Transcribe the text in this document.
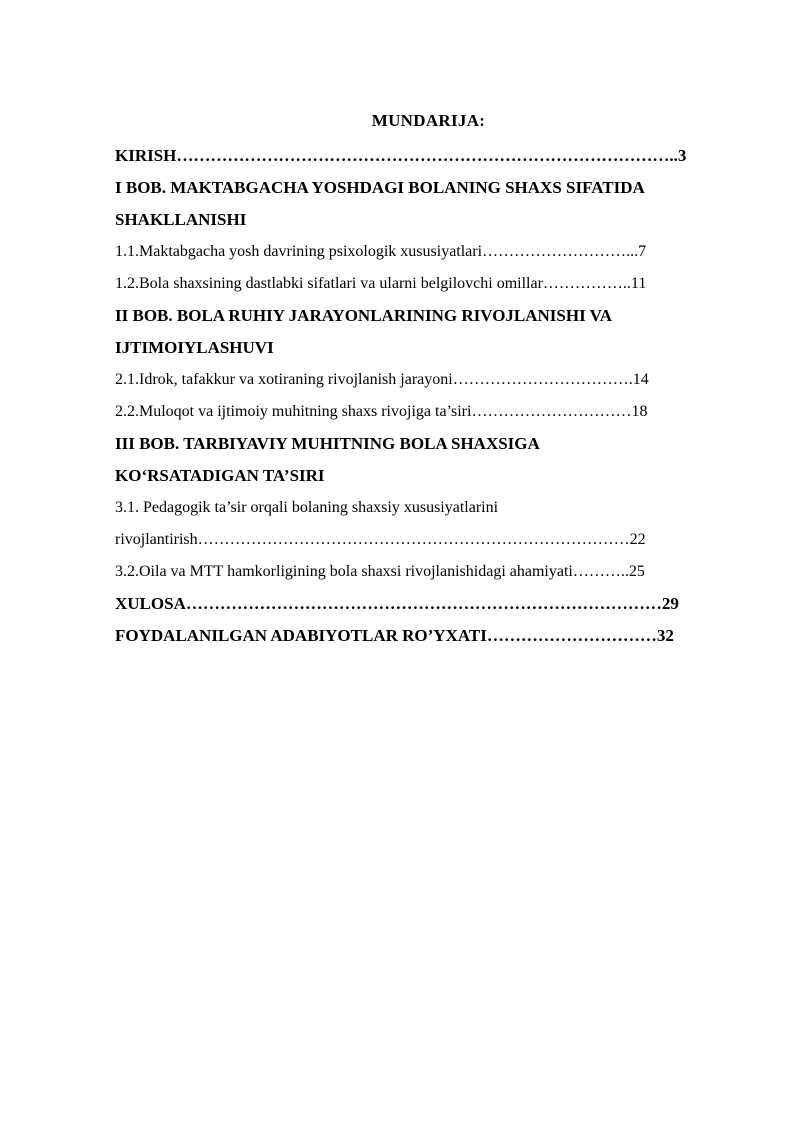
MUNDARIJA:
KIRISH……………………………………………………………………………..3
I BOB. MAKTABGACHA YOSHDAGI BOLANING SHAXS SIFATIDA
SHAKLLANISHI
1.1.Maktabgacha yosh davrining psixologik xususiyatlari………………………...7
1.2.Bola shaxsining dastlabki sifatlari va ularni belgilovchi omillar……………..11
II BOB. BOLA RUHIY JARAYONLARINING RIVOJLANISHI VA
IJTIMOIYLASHUVI
2.1.Idrok, tafakkur va xotiraning rivojlanish jarayoni…………………………….14
2.2.Muloqot va ijtimoiy muhitning shaxs rivojiga ta’siri…………………………18
III BOB. TARBIYAVIY MUHITNING BOLA SHAXSIGA
KO‘RSATADIGAN TA’SIRI
3.1. Pedagogik ta’sir orqali bolaning shaxsiy xususiyatlarini
rivojlantirish………………………………………………………………………22
3.2.Oila va MTT hamkorligining bola shaxsi rivojlanishidagi ahamiyati………..25
XULOSA…………………………………………………………………………29
FOYDALANILGAN ADABIYOTLAR RO’YXATI…………………………32
